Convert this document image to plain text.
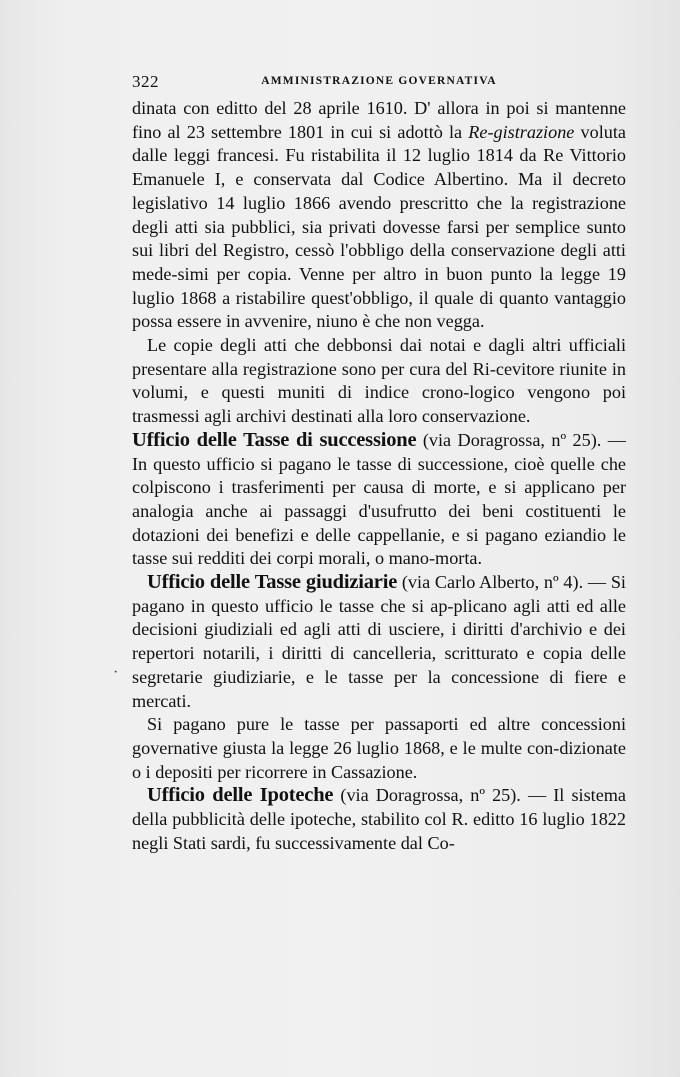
322	AMMINISTRAZIONE GOVERNATIVA
·

dinata con editto del 28 aprile 1610. D' allora in poi si mantenne fino al 23 settembre 1801 in cui si adottò la Re-gistrazione voluta dalle leggi francesi. Fu ristabilita il 12 luglio 1814 da Re Vittorio Emanuele I, e conservata dal Codice Albertino. Ma il decreto legislativo 14 luglio 1866 avendo prescritto che la registrazione degli atti sia pubblici, sia privati dovesse farsi per semplice sunto sui libri del Registro, cessò l'obbligo della conservazione degli atti mede-simi per copia. Venne per altro in buon punto la legge 19 luglio 1868 a ristabilire quest'obbligo, il quale di quanto vantaggio possa essere in avvenire, niuno è che non vegga.

Le copie degli atti che debbonsi dai notai e dagli altri ufficiali presentare alla registrazione sono per cura del Ri-cevitore riunite in volumi, e questi muniti di indice crono-logico vengono poi trasmessi agli archivi destinati alla loro conservazione.

Ufficio delle Tasse di successione (via Doragrossa, nº 25). — In questo ufficio si pagano le tasse di successione, cioè quelle che colpiscono i trasferimenti per causa di morte, e si applicano per analogia anche ai passaggi d'usufrutto dei beni costituenti le dotazioni dei benefizi e delle cappellanie, e si pagano eziandio le tasse sui redditi dei corpi morali, o mano-morta.

Ufficio delle Tasse giudiziarie (via Carlo Alberto, nº 4). — Si pagano in questo ufficio le tasse che si ap-plicano agli atti ed alle decisioni giudiziali ed agli atti di usciere, i diritti d'archivio e dei repertori notarili, i diritti di cancelleria, scritturato e copia delle segretarie giudiziarie, e le tasse per la concessione di fiere e mercati.

Si pagano pure le tasse per passaporti ed altre concessioni governative giusta la legge 26 luglio 1868, e le multe con-dizionate o i depositi per ricorrere in Cassazione.

Ufficio delle Ipoteche (via Doragrossa, nº 25). — Il sistema della pubblicità delle ipoteche, stabilito col R. editto 16 luglio 1822 negli Stati sardi, fu successivamente dal Co-
